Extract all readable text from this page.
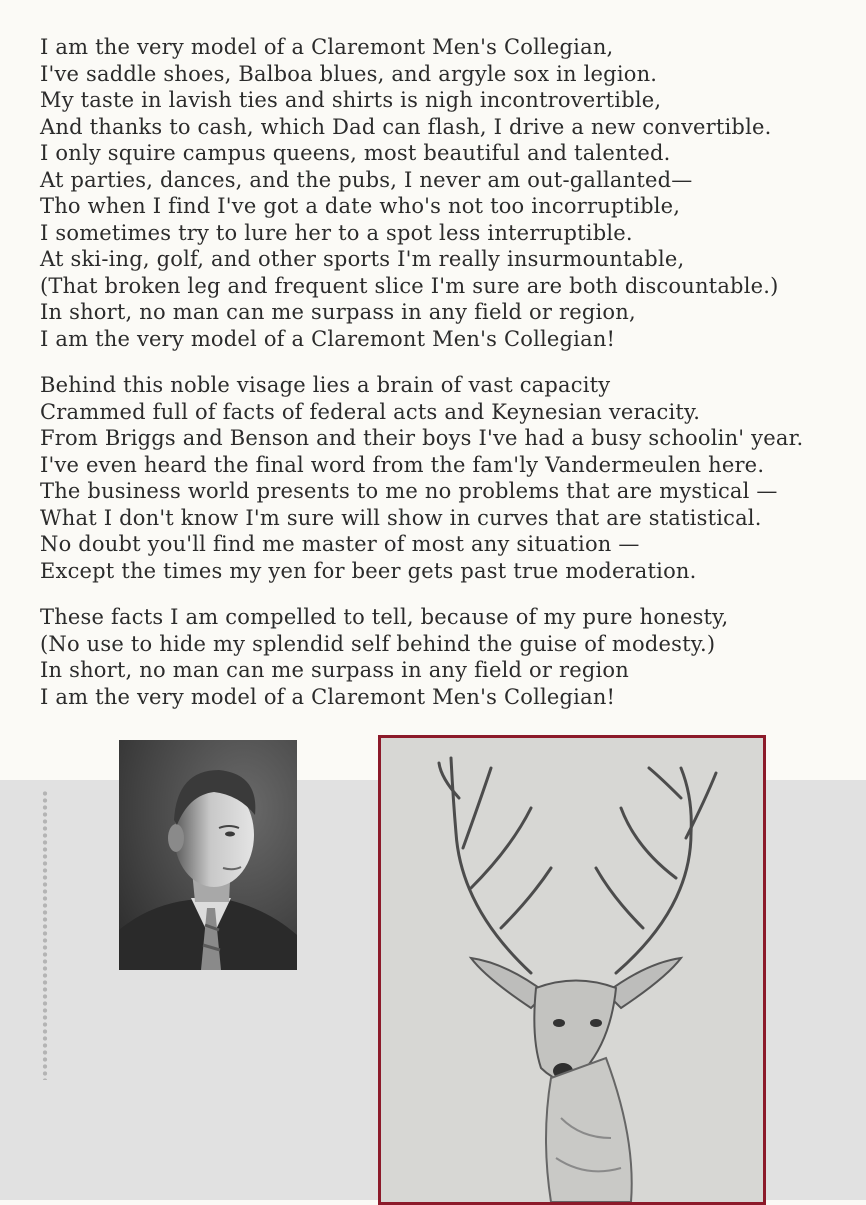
I am the very model of a Claremont Men's Collegian,
I've saddle shoes, Balboa blues, and argyle sox in legion.
My taste in lavish ties and shirts is nigh incontrovertible,
And thanks to cash, which Dad can flash, I drive a new convertible.
I only squire campus queens, most beautiful and talented.
At parties, dances, and the pubs, I never am out-gallanted—
Tho when I find I've got a date who's not too incorruptible,
I sometimes try to lure her to a spot less interruptible.
At ski-ing, golf, and other sports I'm really insurmountable,
(That broken leg and frequent slice I'm sure are both discountable.)
In short, no man can me surpass in any field or region,
I am the very model of a Claremont Men's Collegian!
Behind this noble visage lies a brain of vast capacity
Crammed full of facts of federal acts and Keynesian veracity.
From Briggs and Benson and their boys I've had a busy schoolin' year.
I've even heard the final word from the fam'ly Vandermeulen here.
The business world presents to me no problems that are mystical —
What I don't know I'm sure will show in curves that are statistical.
No doubt you'll find me master of most any situation —
Except the times my yen for beer gets past true moderation.
These facts I am compelled to tell, because of my pure honesty,
(No use to hide my splendid self behind the guise of modesty.)
In short, no man can me surpass in any field or region
I am the very model of a Claremont Men's Collegian!
